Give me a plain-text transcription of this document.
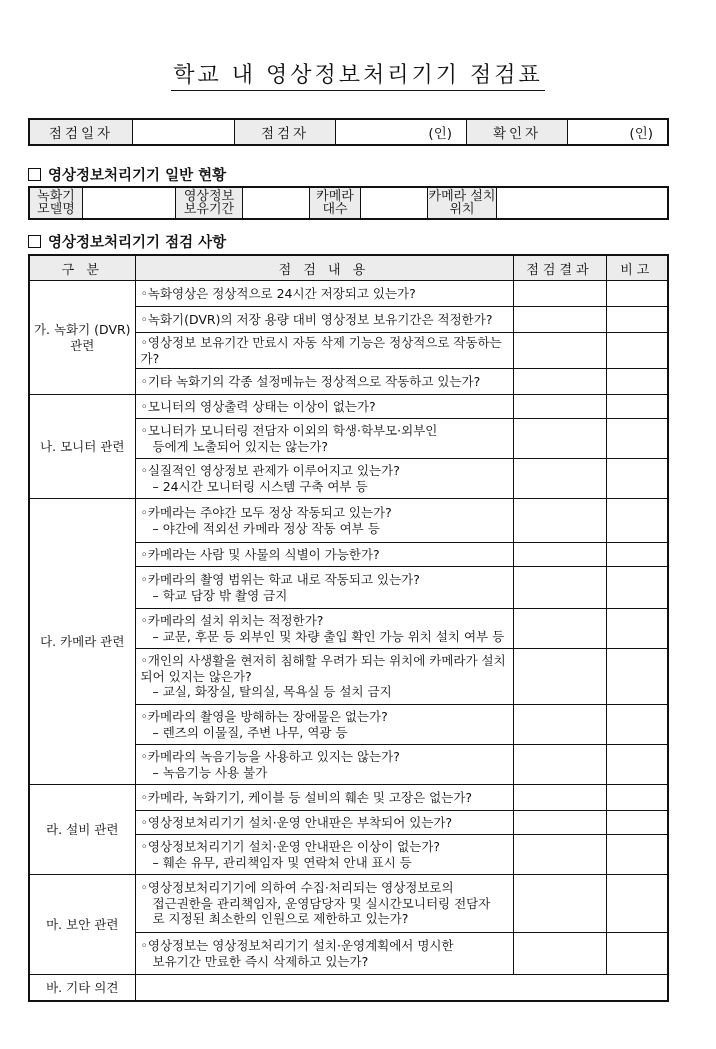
학교 내 영상정보처리기기 점검표
점검일자		점검자	(인)	확인자	(인)
영상정보처리기기 일반 현황
녹화기 모델명		영상정보 보유기간		카메라 대수		카메라 설치위치	
영상정보처리기기 점검 사항
구 분	점 검 내 용	점검결과	비고
가. 녹화기 (DVR) 관련	◦녹화영상은 정상적으로 24시간 저장되고 있는가?		

	◦녹화기(DVR)의 저장 용량 대비 영상정보 보유기간은 적정한가?		

	◦영상정보 보유기간 만료시 자동 삭제 기능은 정상적으로 작동하는가?		

	◦기타 녹화기의 각종 설정메뉴는 정상적으로 작동하고 있는가?		

나. 모니터 관련	◦모니터의 영상출력 상태는 이상이 없는가?		

	◦모니터가 모니터링 전담자 이외의 학생·학부모·외부인
등에게 노출되어 있지는 않는가?		

	◦실질적인 영상정보 관제가 이루어지고 있는가?
– 24시간 모니터링 시스템 구축 여부 등		

다. 카메라 관련	◦카메라는 주야간 모두 정상 작동되고 있는가?
– 야간에 적외선 카메라 정상 작동 여부 등		

	◦카메라는 사람 및 사물의 식별이 가능한가?		

	◦카메라의 촬영 범위는 학교 내로 작동되고 있는가?
– 학교 담장 밖 촬영 금지		

	◦카메라의 설치 위치는 적정한가?
– 교문, 후문 등 외부인 및 차량 출입 확인 가능 위치 설치 여부 등		

	◦개인의 사생활을 현저히 침해할 우려가 되는 위치에 카메라가 설치되어 있지는 않은가?
– 교실, 화장실, 탈의실, 목욕실 등 설치 금지		

	◦카메라의 촬영을 방해하는 장애물은 없는가?
– 렌즈의 이물질, 주변 나무, 역광 등		

	◦카메라의 녹음기능을 사용하고 있지는 않는가?
– 녹음기능 사용 불가		

라. 설비 관련	◦카메라, 녹화기기, 케이블 등 설비의 훼손 및 고장은 없는가?		

	◦영상정보처리기기 설치·운영 안내판은 부착되어 있는가?		

	◦영상정보처리기기 설치·운영 안내판은 이상이 없는가?
– 훼손 유무, 관리책임자 및 연락처 안내 표시 등		

마. 보안 관련	◦영상정보처리기기에 의하여 수집·처리되는 영상정보로의
접근권한을 관리책임자, 운영담당자 및 실시간모니터링 전담자
로 지정된 최소한의 인원으로 제한하고 있는가?		

	◦영상정보는 영상정보처리기기 설치·운영계획에서 명시한
보유기간 만료한 즉시 삭제하고 있는가?		

바. 기타 의견			
